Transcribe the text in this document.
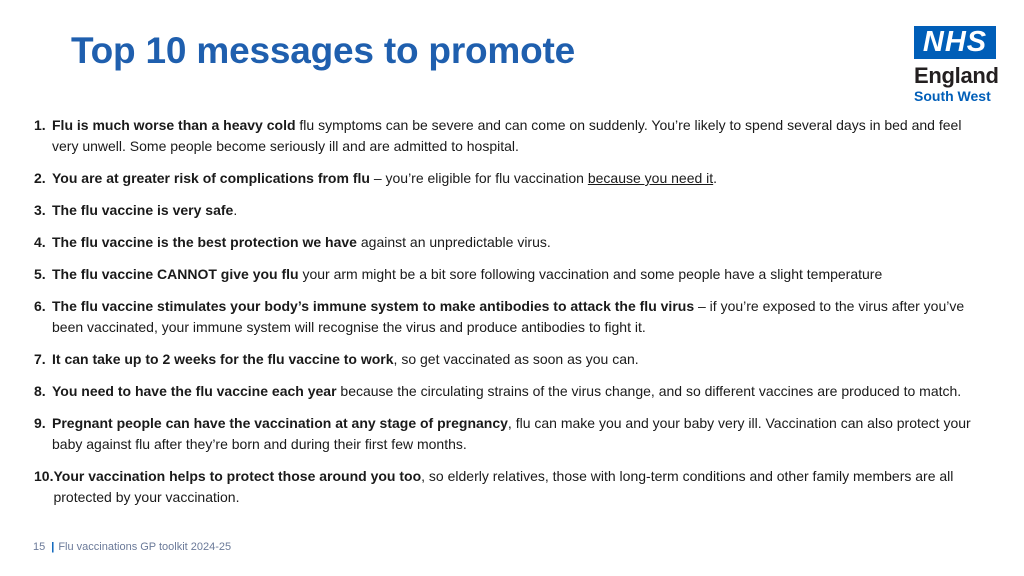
Top 10 messages to promote	NHS
England
South West
1. Flu is much worse than a heavy cold flu symptoms can be severe and can come on suddenly. You’re likely to spend several days in bed and feel very unwell. Some people become seriously ill and are admitted to hospital.
2. You are at greater risk of complications from flu – you’re eligible for flu vaccination because you need it.
3. The flu vaccine is very safe.
4. The flu vaccine is the best protection we have against an unpredictable virus.
5. The flu vaccine CANNOT give you flu your arm might be a bit sore following vaccination and some people have a slight temperature
6. The flu vaccine stimulates your body’s immune system to make antibodies to attack the flu virus – if you’re exposed to the virus after you’ve been vaccinated, your immune system will recognise the virus and produce antibodies to fight it.
7. It can take up to 2 weeks for the flu vaccine to work, so get vaccinated as soon as you can.
8. You need to have the flu vaccine each year because the circulating strains of the virus change, and so different vaccines are produced to match.
9. Pregnant people can have the vaccination at any stage of pregnancy, flu can make you and your baby very ill. Vaccination can also protect your baby against flu after they’re born and during their first few months.
10. Your vaccination helps to protect those around you too, so elderly relatives, those with long-term conditions and other family members are all protected by your vaccination.
15 | Flu vaccinations GP toolkit 2024-25
